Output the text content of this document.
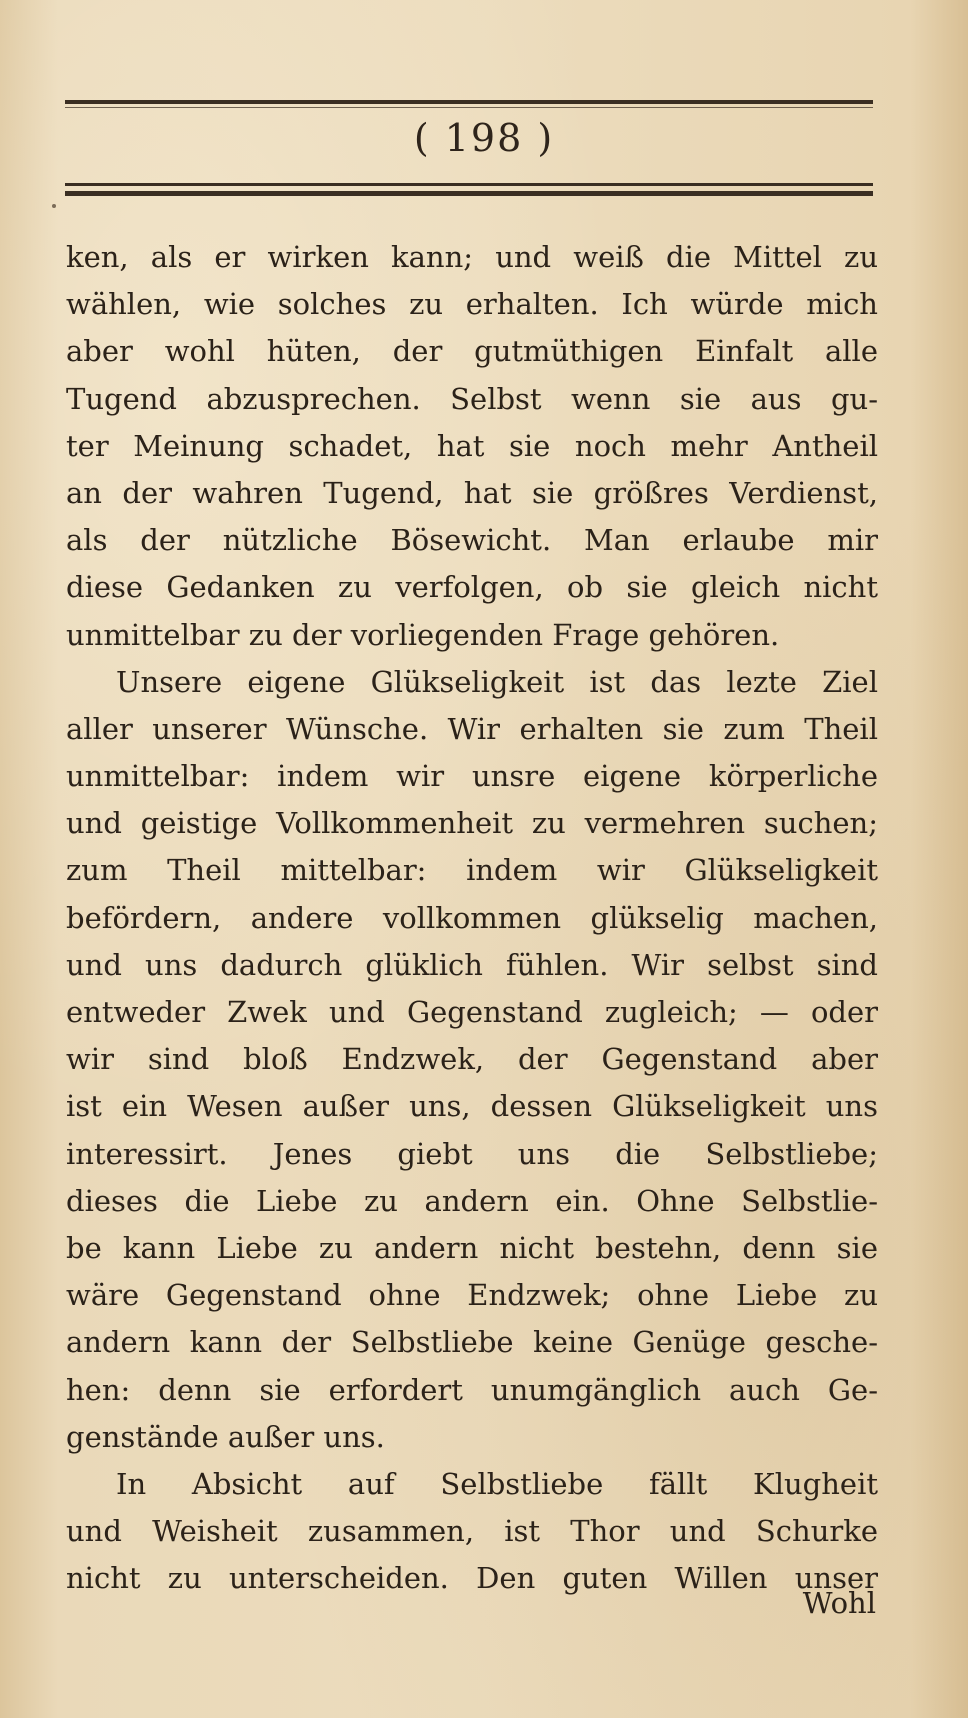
( 198 )
ken, als er wirken kann; und weiß die Mittel zu
wählen, wie solches zu erhalten. Ich würde mich
aber wohl hüten, der gutmüthigen Einfalt alle
Tugend abzusprechen. Selbst wenn sie aus gu-
ter Meinung schadet, hat sie noch mehr Antheil
an der wahren Tugend, hat sie größres Verdienst,
als der nützliche Bösewicht. Man erlaube mir
diese Gedanken zu verfolgen, ob sie gleich nicht
unmittelbar zu der vorliegenden Frage gehören.
Unsere eigene Glükseligkeit ist das lezte Ziel
aller unserer Wünsche. Wir erhalten sie zum Theil
unmittelbar: indem wir unsre eigene körperliche
und geistige Vollkommenheit zu vermehren suchen;
zum Theil mittelbar: indem wir Glükseligkeit
befördern, andere vollkommen glükselig machen,
und uns dadurch glüklich fühlen. Wir selbst sind
entweder Zwek und Gegenstand zugleich; — oder
wir sind bloß Endzwek, der Gegenstand aber
ist ein Wesen außer uns, dessen Glükseligkeit uns
interessirt. Jenes giebt uns die Selbstliebe;
dieses die Liebe zu andern ein. Ohne Selbstlie-
be kann Liebe zu andern nicht bestehn, denn sie
wäre Gegenstand ohne Endzwek; ohne Liebe zu
andern kann der Selbstliebe keine Genüge gesche-
hen: denn sie erfordert unumgänglich auch Ge-
genstände außer uns.
In Absicht auf Selbstliebe fällt Klugheit
und Weisheit zusammen, ist Thor und Schurke
nicht zu unterscheiden. Den guten Willen unser
Wohl
